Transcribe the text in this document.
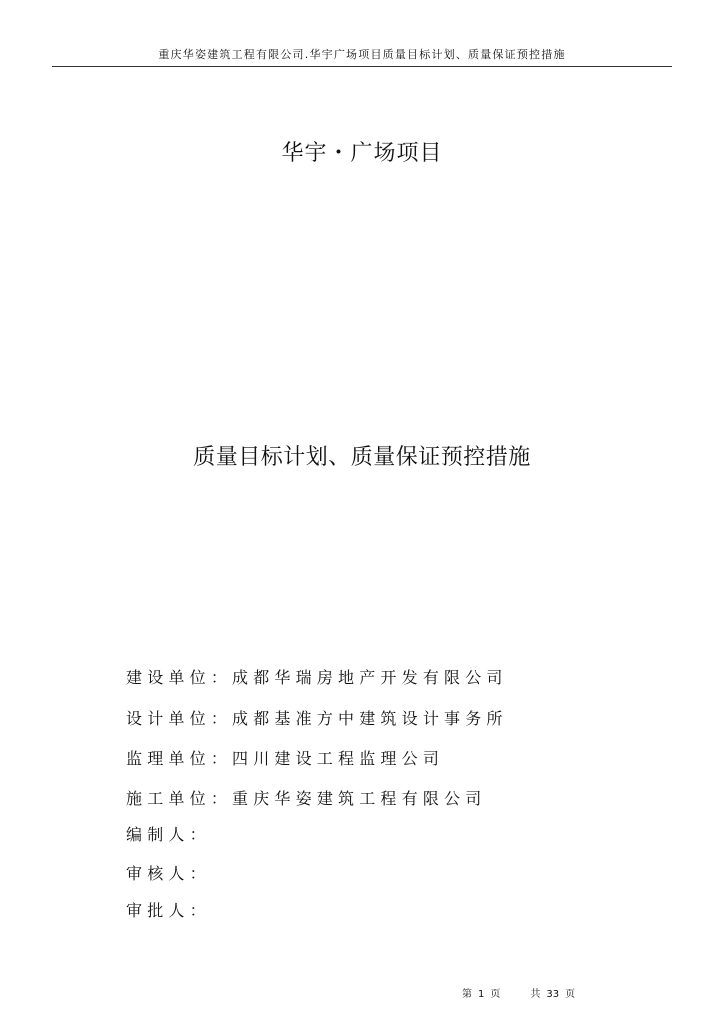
重庆华姿建筑工程有限公司.华宇广场项目质量目标计划、质量保证预控措施
华宇・广场项目
质量目标计划、质量保证预控措施
建设单位：成都华瑞房地产开发有限公司
设计单位：成都基准方中建筑设计事务所
监理单位：四川建设工程监理公司
施工单位：重庆华姿建筑工程有限公司
编制人：
审核人：
审批人：
第 1 页	共 33 页
